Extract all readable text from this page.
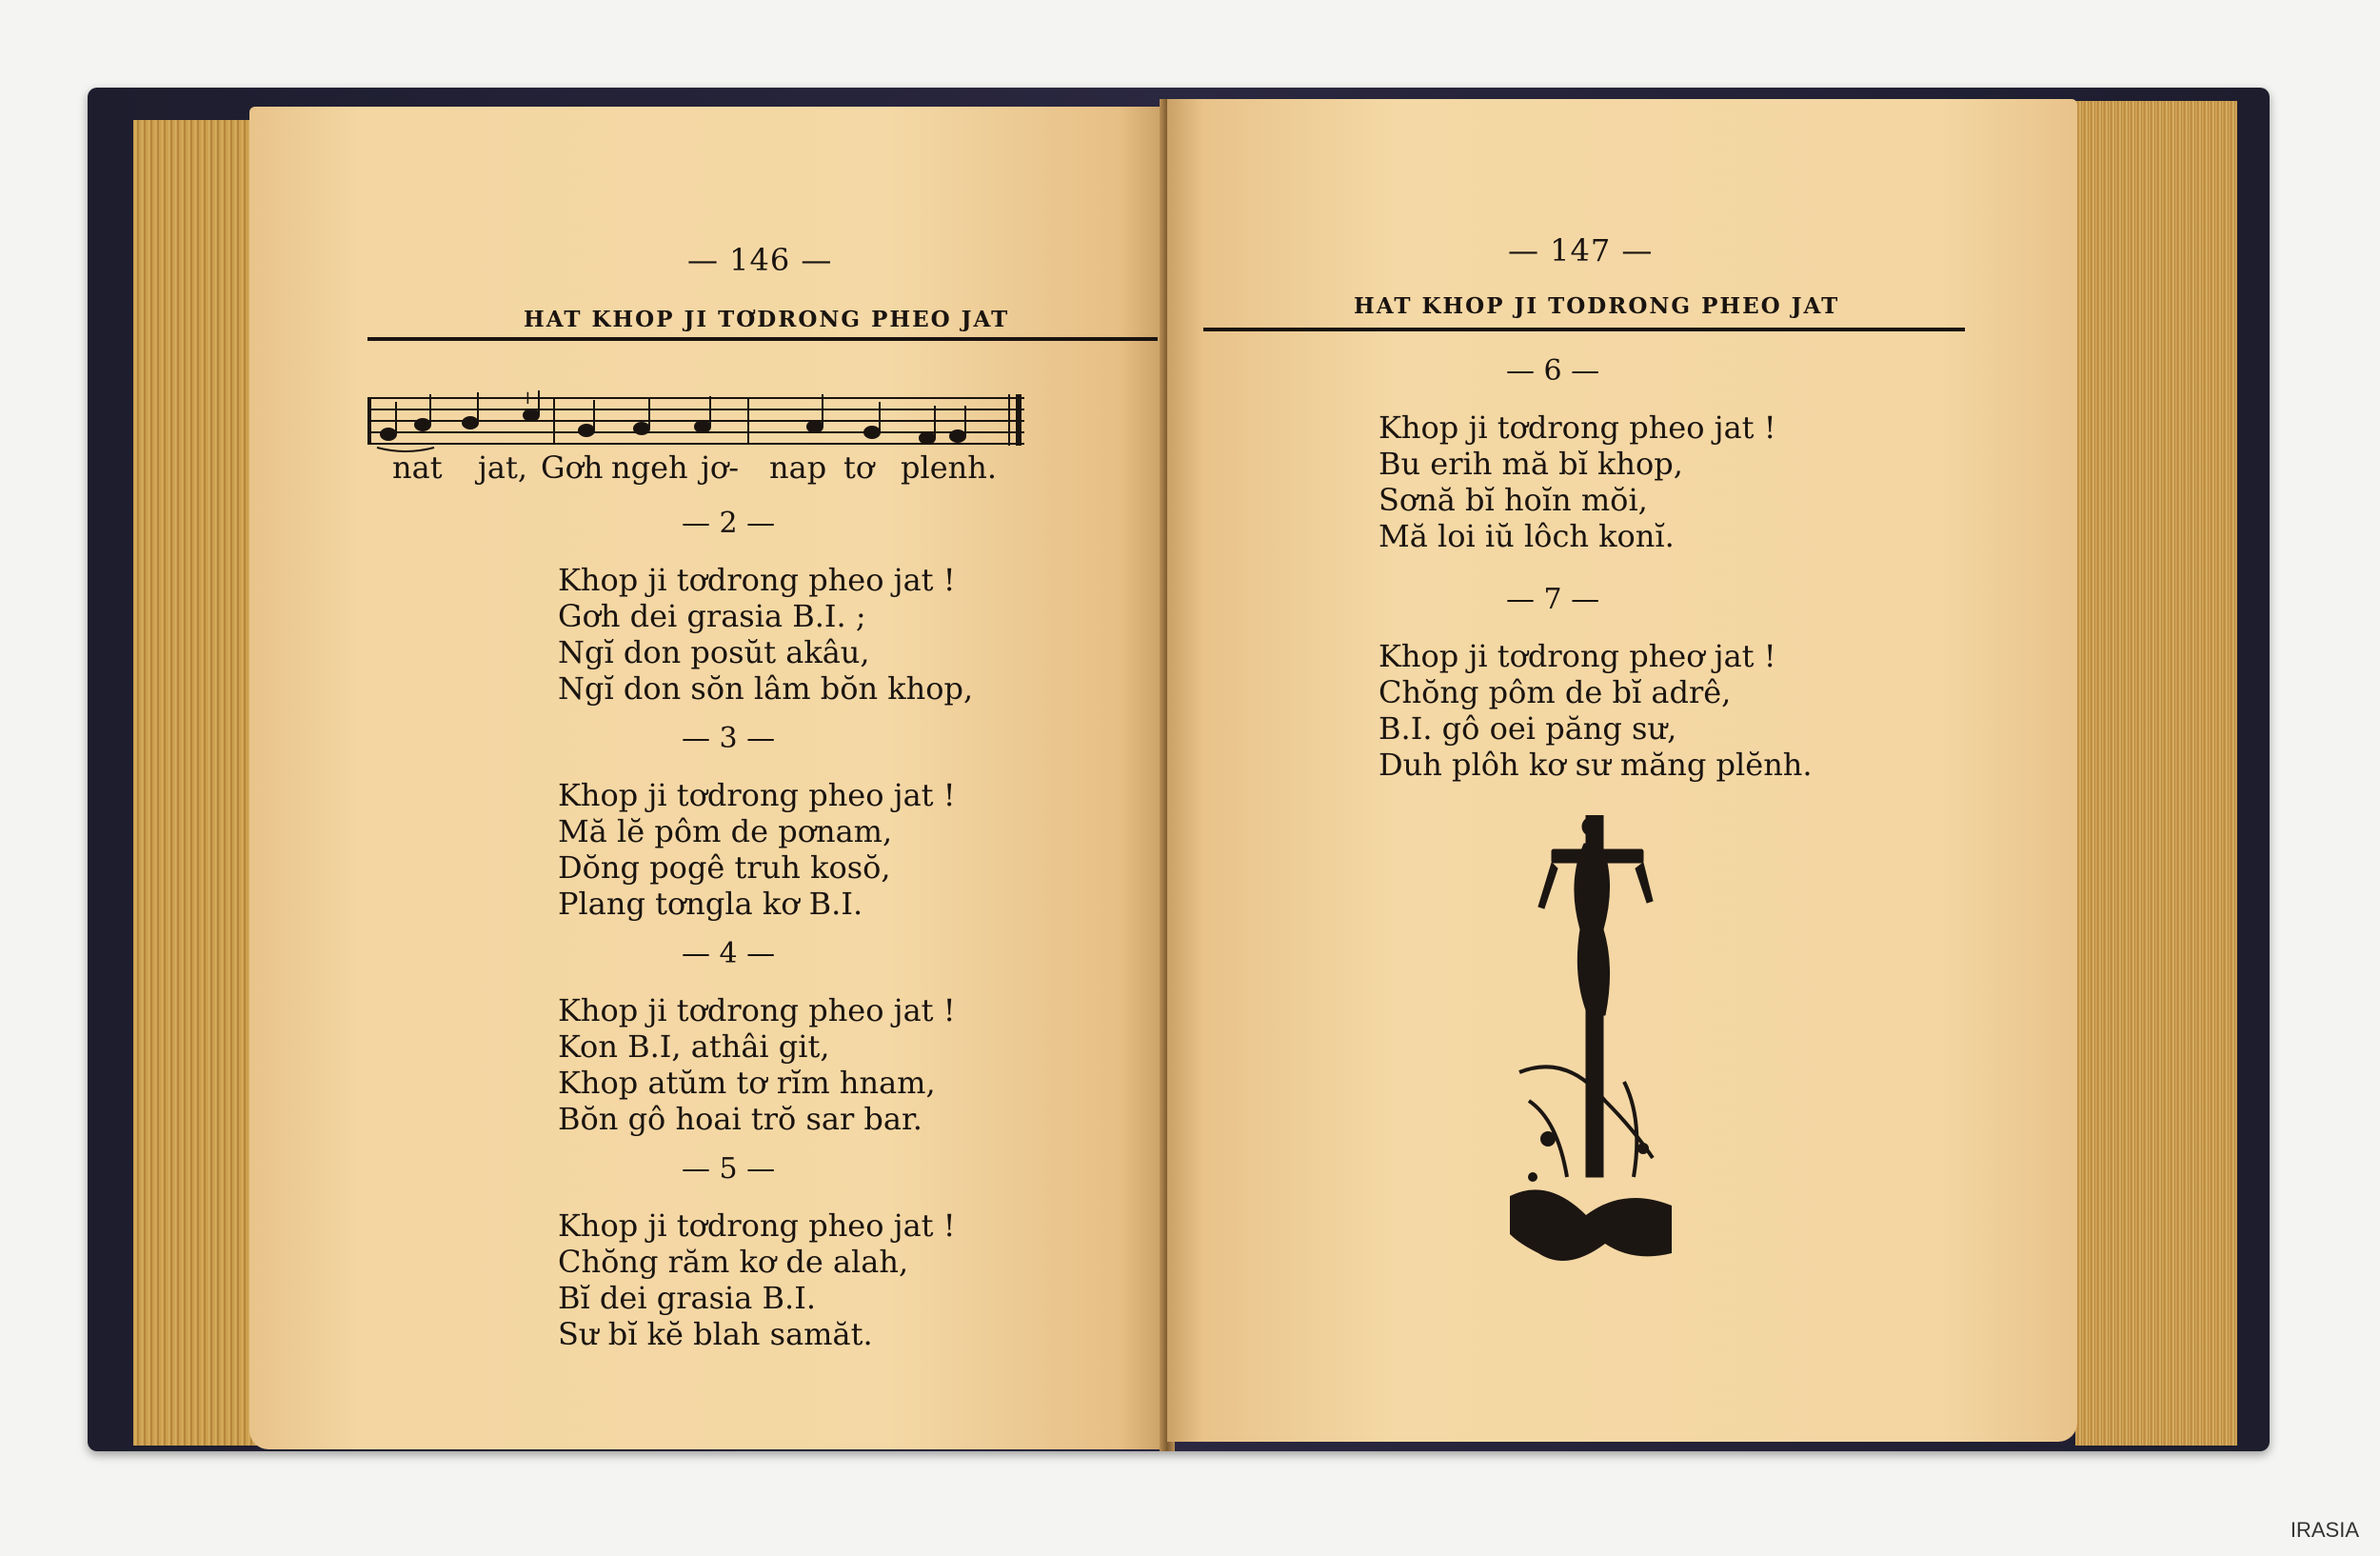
— 146 —
HAT KHOP JI TƠDRONG PHEO JAT
+
nat jat, Gơh ngeh jơ- nap tơ plenh.
— 2 —
Khop ji tơdrong pheo jat !
Gơh dei grasia B.I. ;
Ngĭ don posŭt akâu,
Ngĭ don sŏn lâm bŏn khop,
— 3 —
Khop ji tơdrong pheo jat !
Mă lĕ pôm de pơnam,
Dŏng pogê truh kosŏ,
Plang tơngla kơ B.I.
— 4 —
Khop ji tơdrong pheo jat !
Kon B.I, athâi git,
Khop atŭm tơ rĭm hnam,
Bŏn gô hoai trŏ sar bar.
— 5 —
Khop ji tơdrong pheo jat !
Chŏng răm kơ de alah,
Bĭ dei grasia B.I.
Sư bĭ kĕ blah samăt.
— 147 —
HAT KHOP JI TODRONG PHEO JAT
— 6 —
Khop ji tơdrong pheo jat !
Bu erih mă bĭ khop,
Sơnă bĭ hoĭn mŏi,
Mă loi iŭ lôch konĭ.
— 7 —
Khop ji tơdrong pheơ jat !
Chŏng pôm de bĭ adrê,
B.I. gô oei păng sư,
Duh plôh kơ sư măng plĕnh.
IRASIA
